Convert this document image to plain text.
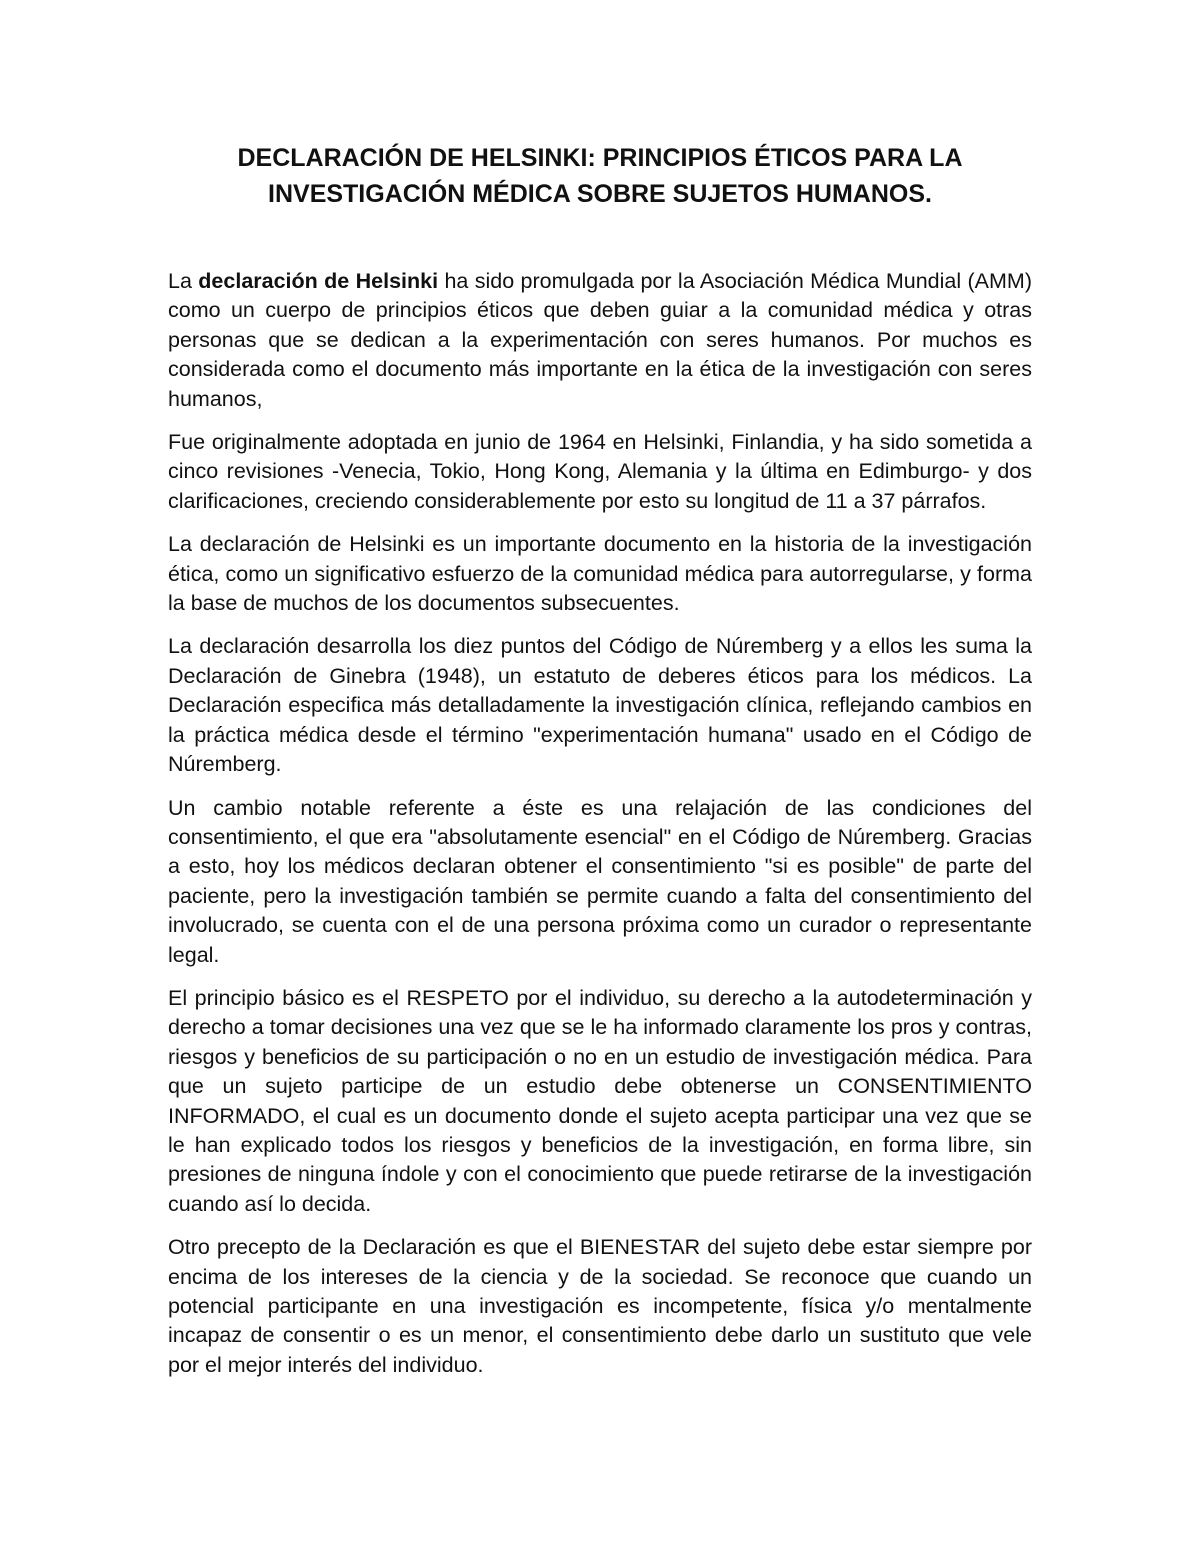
DECLARACIÓN DE HELSINKI: PRINCIPIOS ÉTICOS PARA LA
INVESTIGACIÓN MÉDICA SOBRE SUJETOS HUMANOS.

La declaración de Helsinki ha sido promulgada por la Asociación Médica Mundial (AMM) como un cuerpo de principios éticos que deben guiar a la comunidad médica y otras personas que se dedican a la experimentación con seres humanos. Por muchos es considerada como el documento más importante en la ética de la investigación con seres humanos,

Fue originalmente adoptada en junio de 1964 en Helsinki, Finlandia, y ha sido sometida a cinco revisiones -Venecia, Tokio, Hong Kong, Alemania y la última en Edimburgo- y dos clarificaciones, creciendo considerablemente por esto su longitud de 11 a 37 párrafos.

La declaración de Helsinki es un importante documento en la historia de la investigación ética, como un significativo esfuerzo de la comunidad médica para autorregularse, y forma la base de muchos de los documentos subsecuentes.

La declaración desarrolla los diez puntos del Código de Núremberg y a ellos les suma la Declaración de Ginebra (1948), un estatuto de deberes éticos para los médicos. La Declaración especifica más detalladamente la investigación clínica, reflejando cambios en la práctica médica desde el término "experimentación humana" usado en el Código de Núremberg.

Un cambio notable referente a éste es una relajación de las condiciones del consentimiento, el que era "absolutamente esencial" en el Código de Núremberg. Gracias a esto, hoy los médicos declaran obtener el consentimiento "si es posible" de parte del paciente, pero la investigación también se permite cuando a falta del consentimiento del involucrado, se cuenta con el de una persona próxima como un curador o representante legal.

El principio básico es el RESPETO por el individuo, su derecho a la autodeterminación y derecho a tomar decisiones una vez que se le ha informado claramente los pros y contras, riesgos y beneficios de su participación o no en un estudio de investigación médica. Para que un sujeto participe de un estudio debe obtenerse un CONSENTIMIENTO INFORMADO, el cual es un documento donde el sujeto acepta participar una vez que se le han explicado todos los riesgos y beneficios de la investigación, en forma libre, sin presiones de ninguna índole y con el conocimiento que puede retirarse de la investigación cuando así lo decida.

Otro precepto de la Declaración es que el BIENESTAR del sujeto debe estar siempre por encima de los intereses de la ciencia y de la sociedad. Se reconoce que cuando un potencial participante en una investigación es incompetente, física y/o mentalmente incapaz de consentir o es un menor, el consentimiento debe darlo un sustituto que vele por el mejor interés del individuo.
